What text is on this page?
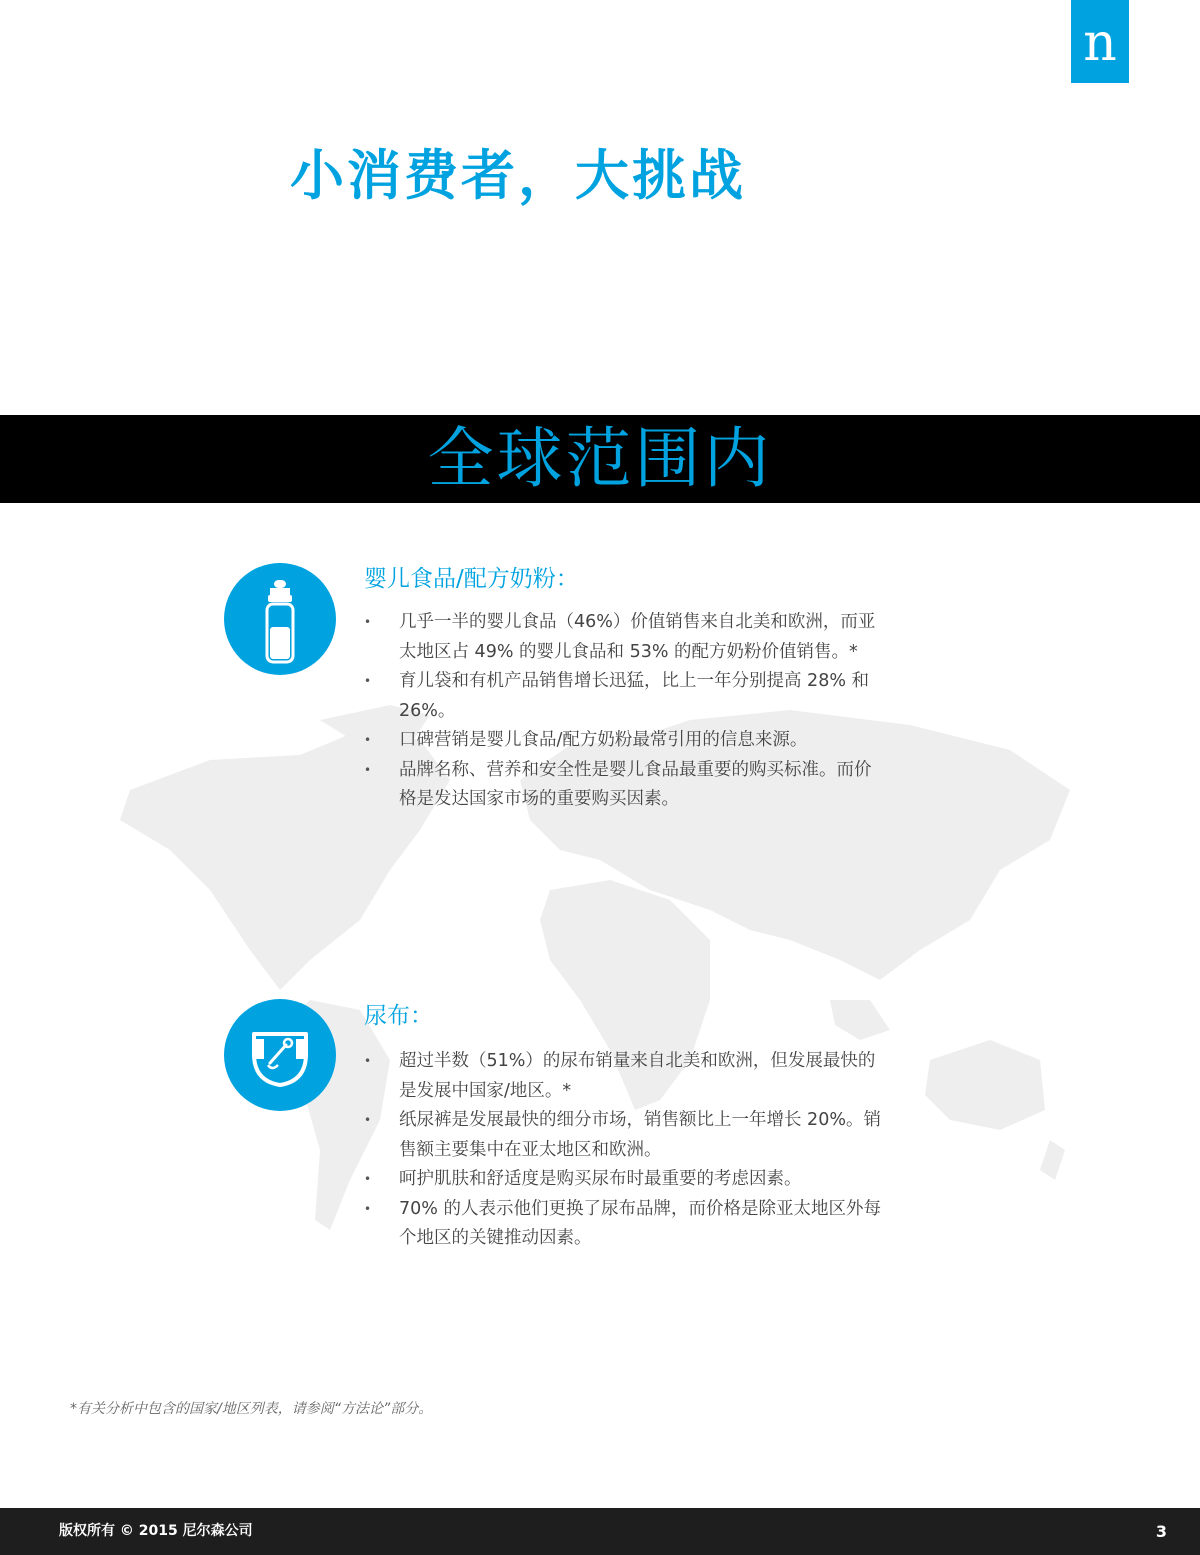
n
小消费者，大挑战
全球范围内
婴儿食品/配方奶粉：
• 几乎一半的婴儿食品（46%）价值销售来自北美和欧洲，而亚太地区占 49% 的婴儿食品和 53% 的配方奶粉价值销售。*
• 育儿袋和有机产品销售增长迅猛，比上一年分别提高 28% 和 26%。
• 口碑营销是婴儿食品/配方奶粉最常引用的信息来源。
• 品牌名称、营养和安全性是婴儿食品最重要的购买标准。而价格是发达国家市场的重要购买因素。
尿布：
• 超过半数（51%）的尿布销量来自北美和欧洲，但发展最快的是发展中国家/地区。*
• 纸尿裤是发展最快的细分市场，销售额比上一年增长 20%。销售额主要集中在亚太地区和欧洲。
• 呵护肌肤和舒适度是购买尿布时最重要的考虑因素。
• 70% 的人表示他们更换了尿布品牌，而价格是除亚太地区外每个地区的关键推动因素。
*有关分析中包含的国家/地区列表，请参阅“方法论”部分。
版权所有 © 2015 尼尔森公司	3
